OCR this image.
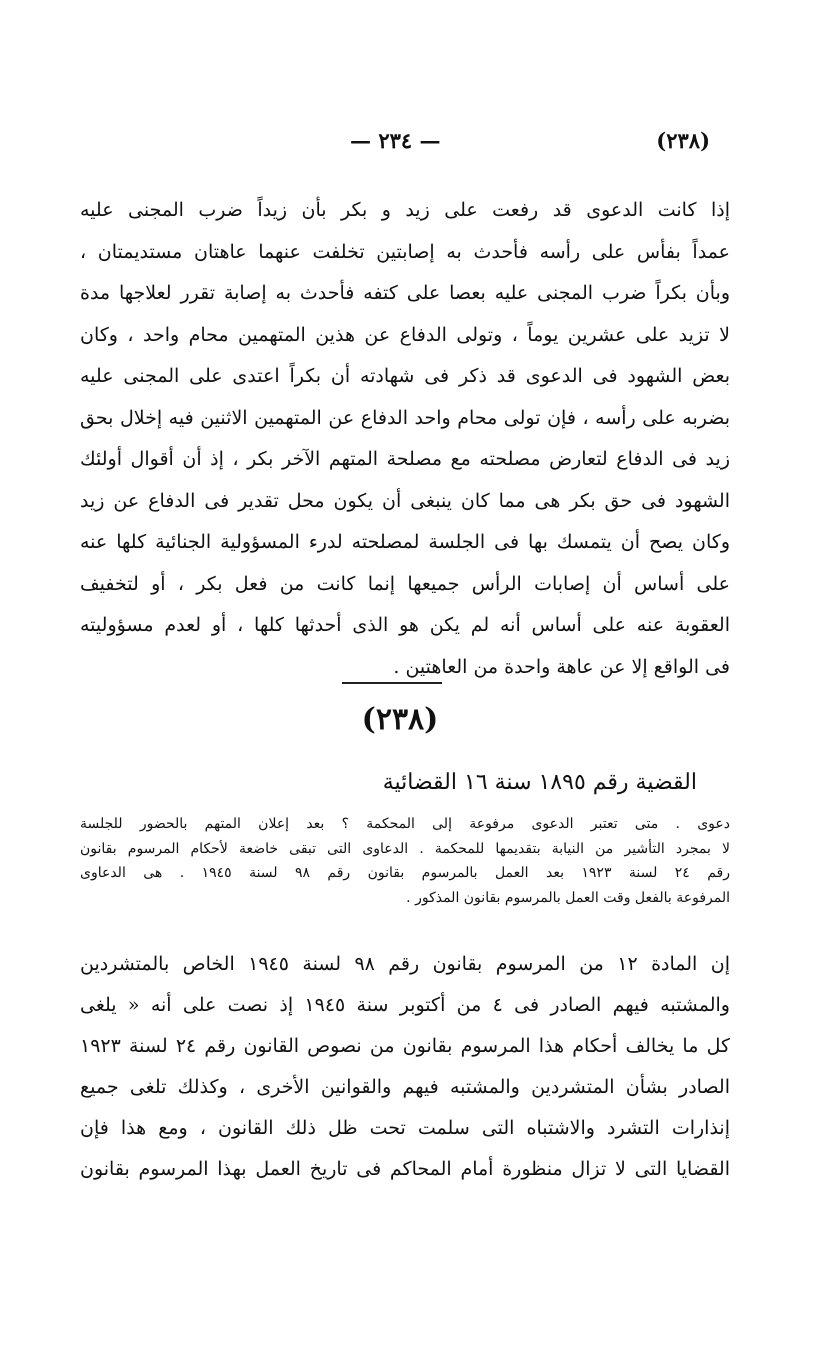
(٢٣٨)
— ٢٣٤ —
إذا كانت الدعوى قد رفعت على زيد و بكر بأن زيداً ضرب المجنى عليه
عمداً بفأس على رأسه فأحدث به إصابتين تخلفت عنهما عاهتان مستديمتان ،
وبأن بكراً ضرب المجنى عليه بعصا على كتفه فأحدث به إصابة تقرر لعلاجها مدة
لا تزيد على عشرين يوماً ، وتولى الدفاع عن هذين المتهمين محام واحد ، وكان
بعض الشهود فى الدعوى قد ذكر فى شهادته أن بكراً اعتدى على المجنى عليه
بضربه على رأسه ، فإن تولى محام واحد الدفاع عن المتهمين الاثنين فيه إخلال بحق
زيد فى الدفاع لتعارض مصلحته مع مصلحة المتهم الآخر بكر ، إذ أن أقوال أولئك
الشهود فى حق بكر هى مما كان ينبغى أن يكون محل تقدير فى الدفاع عن زيد
وكان يصح أن يتمسك بها فى الجلسة لمصلحته لدرء المسؤولية الجنائية كلها عنه
على أساس أن إصابات الرأس جميعها إنما كانت من فعل بكر ، أو لتخفيف
العقوبة عنه على أساس أنه لم يكن هو الذى أحدثها كلها ، أو لعدم مسؤوليته
فى الواقع إلا عن عاهة واحدة من العاهتين .
(٢٣٨)
القضية رقم ١٨٩٥ سنة ١٦ القضائية
دعوى . متى تعتبر الدعوى مرفوعة إلى المحكمة ؟ بعد إعلان المتهم بالحضور للجلسة
لا بمجرد التأشير من النيابة بتقديمها للمحكمة . الدعاوى التى تبقى خاضعة لأحكام المرسوم بقانون
رقم ٢٤ لسنة ١٩٢٣ بعد العمل بالمرسوم بقانون رقم ٩٨ لسنة ١٩٤٥ . هى الدعاوى
المرفوعة بالفعل وقت العمل بالمرسوم بقانون المذكور .
إن المادة ١٢ من المرسوم بقانون رقم ٩٨ لسنة ١٩٤٥ الخاص بالمتشردين
والمشتبه فيهم الصادر فى ٤ من أكتوبر سنة ١٩٤٥ إذ نصت على أنه « يلغى
كل ما يخالف أحكام هذا المرسوم بقانون من نصوص القانون رقم ٢٤ لسنة ١٩٢٣
الصادر بشأن المتشردين والمشتبه فيهم والقوانين الأخرى ، وكذلك تلغى جميع
إنذارات التشرد والاشتباه التى سلمت تحت ظل ذلك القانون ، ومع هذا فإن
القضايا التى لا تزال منظورة أمام المحاكم فى تاريخ العمل بهذا المرسوم بقانون
